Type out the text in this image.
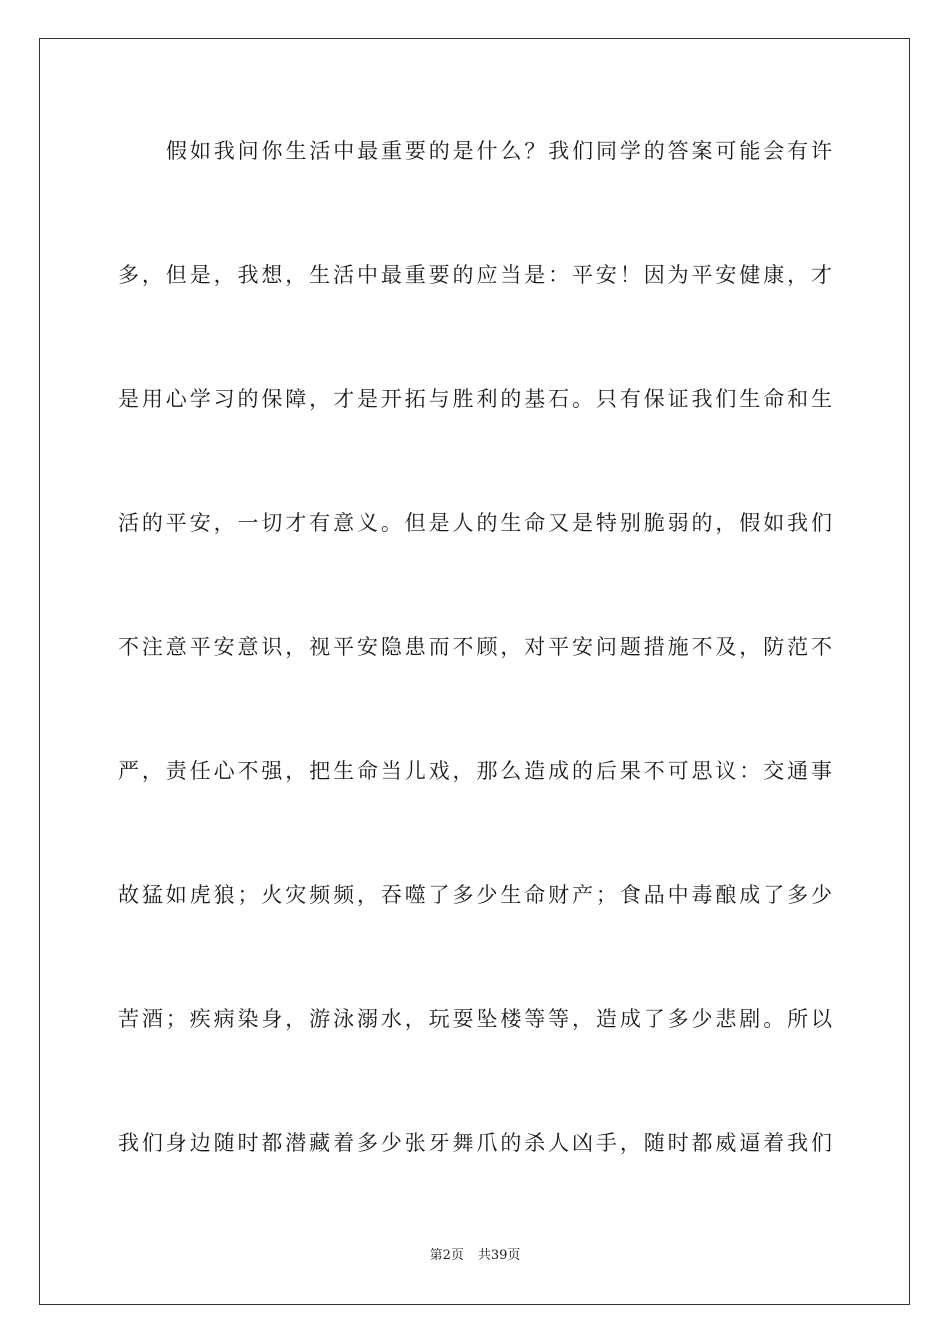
假如我问你生活中最重要的是什么？我们同学的答案可能会有许
多，但是，我想，生活中最重要的应当是：平安！因为平安健康，才
是用心学习的保障，才是开拓与胜利的基石。只有保证我们生命和生
活的平安，一切才有意义。但是人的生命又是特别脆弱的，假如我们
不注意平安意识，视平安隐患而不顾，对平安问题措施不及，防范不
严，责任心不强，把生命当儿戏，那么造成的后果不可思议：交通事
故猛如虎狼；火灾频频，吞噬了多少生命财产；食品中毒酿成了多少
苦酒；疾病染身，游泳溺水，玩耍坠楼等等，造成了多少悲剧。所以
我们身边随时都潜藏着多少张牙舞爪的杀人凶手，随时都威逼着我们
第2页 共39页
